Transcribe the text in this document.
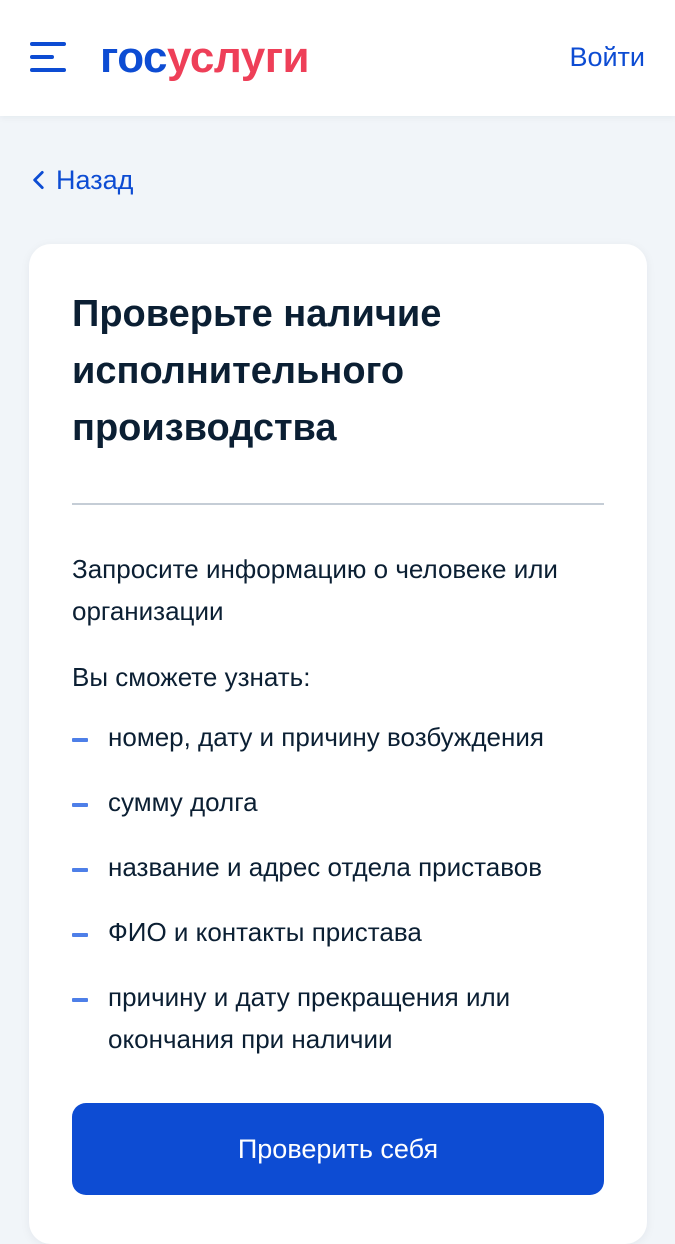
госуслуги	Войти
Назад
Проверьте наличие исполнительного производства
Запросите информацию о человеке или организации
Вы сможете узнать:
номер, дату и причину возбуждения
сумму долга
название и адрес отдела приставов
ФИО и контакты пристава
причину и дату прекращения или окончания при наличии
Проверить себя
